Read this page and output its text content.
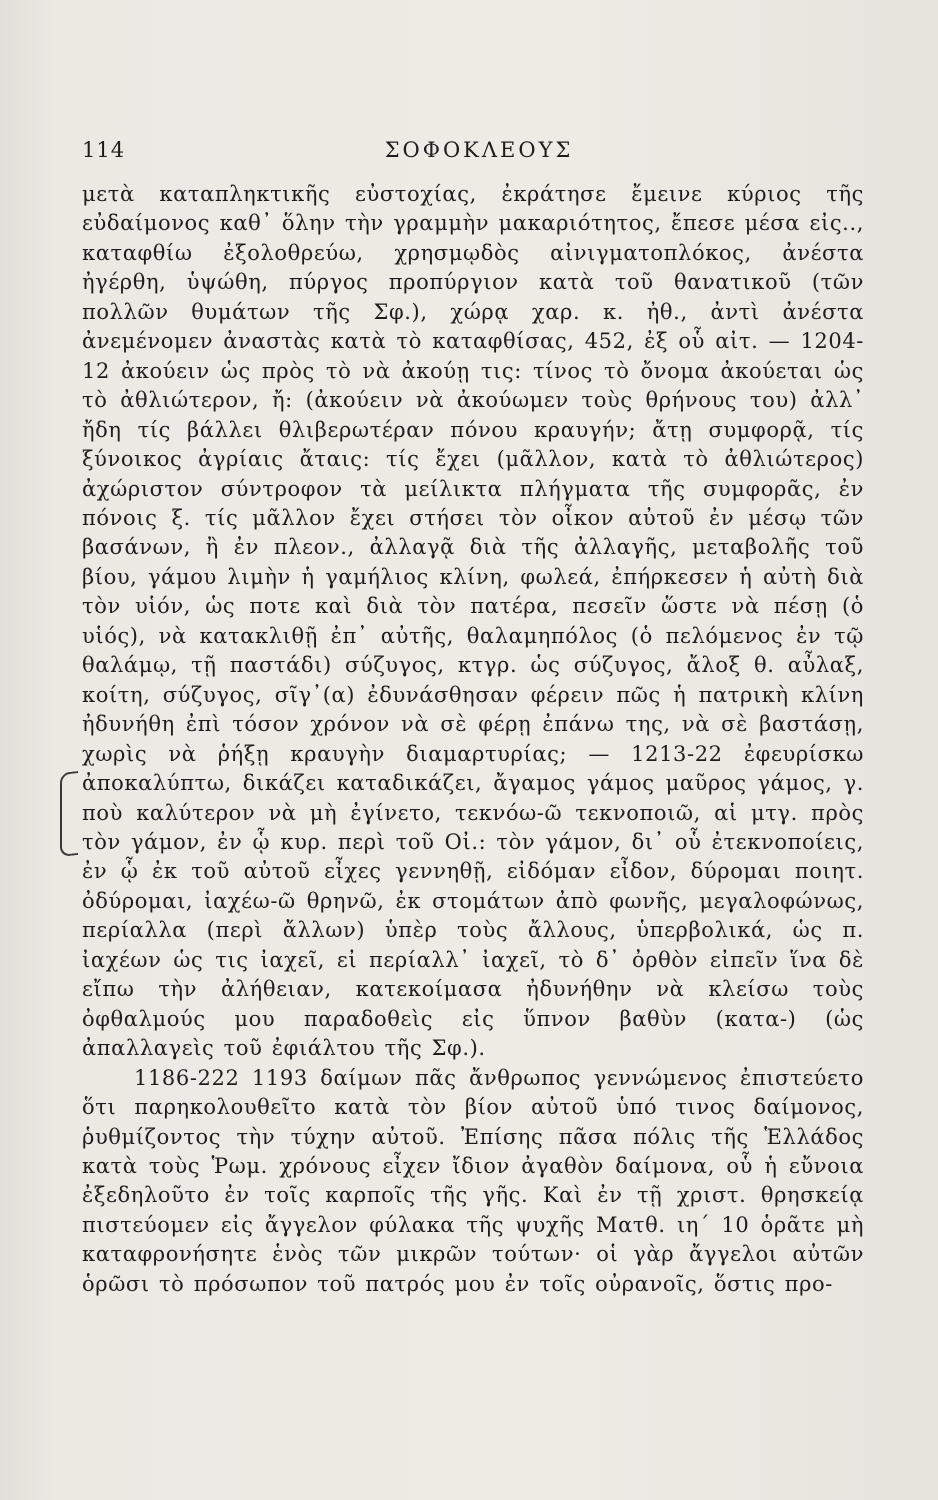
114	ΣΟΦΟΚΛΕΟΥΣ

μετὰ καταπληκτικῆς εὐστοχίας, ἐκράτησε ἔμεινε κύριος τῆς εὐδαίμονος καθ᾿ ὅλην τὴν γραμμὴν μακαριότητος, ἔπεσε μέσα εἰς.., καταφθίω ἐξολοθρεύω, χρησμῳδὸς αἰνιγματοπλόκος, ἀνέστα ἠγέρθη, ὑψώθη, πύργος προπύργιον κατὰ τοῦ θανατικοῦ (τῶν πολλῶν θυμάτων τῆς Σφ.), χώρᾳ χαρ. κ. ἠθ., ἀντὶ ἀνέστα ἀνεμένομεν ἀναστὰς κατὰ τὸ καταφθίσας, 452, ἐξ οὗ αἰτ. — 1204-12 ἀκούειν ὡς πρὸς τὸ νὰ ἀκούῃ τις: τίνος τὸ ὄνομα ἀκούεται ὡς τὸ ἀθλιώτερον, ἤ: (ἀκούειν νὰ ἀκούωμεν τοὺς θρήνους του) ἀλλ᾿ ἤδη τίς βάλλει θλιβερωτέραν πόνου κραυγήν; ἄτῃ συμφορᾷ, τίς ξύνοικος ἀγρίαις ἄταις: τίς ἔχει (μᾶλλον, κατὰ τὸ ἀθλιώτερος) ἀχώριστον σύντροφον τὰ μείλικτα πλήγματα τῆς συμφορᾶς, ἐν πόνοις ξ. τίς μᾶλλον ἔχει στήσει τὸν οἶκον αὐτοῦ ἐν μέσῳ τῶν βασάνων, ἢ ἐν πλεον., ἀλλαγᾷ διὰ τῆς ἀλλαγῆς, μεταβολῆς τοῦ βίου, γάμου λιμὴν ἡ γαμήλιος κλίνη, φωλεά, ἐπήρκεσεν ἡ αὐτὴ διὰ τὸν υἱόν, ὡς ποτε καὶ διὰ τὸν πατέρα, πεσεῖν ὥστε νὰ πέσῃ (ὁ υἱός), νὰ κατακλιθῇ ἐπ᾿ αὐτῆς, θαλαμηπόλος (ὁ πελόμενος ἐν τῷ θαλάμῳ, τῇ παστάδι) σύζυγος, κτγρ. ὡς σύζυγος, ἄλοξ θ. αὖλαξ, κοίτη, σύζυγος, σῖγ᾿(α) ἐδυνάσθησαν φέρειν πῶς ἡ πατρικὴ κλίνη ἠδυνήθη ἐπὶ τόσον χρόνον νὰ σὲ φέρῃ ἐπάνω της, νὰ σὲ βαστάσῃ, χωρὶς νὰ ῥήξῃ κραυγὴν διαμαρτυρίας; — 1213-22 ἐφευρίσκω ἀποκαλύπτω, δικάζει καταδικάζει, ἄγαμος γάμος μαῦρος γάμος, γ. ποὺ καλύτερον νὰ μὴ ἐγίνετο, τεκνόω-ῶ τεκνοποιῶ, αἱ μτγ. πρὸς τὸν γάμον, ἐν ᾧ κυρ. περὶ τοῦ Οἰ.: τὸν γάμον, δι᾿ οὗ ἐτεκνοποίεις, ἐν ᾧ ἐκ τοῦ αὐτοῦ εἶχες γεννηθῇ, εἰδόμαν εἶδον, δύρομαι ποιητ. ὀδύρομαι, ἰαχέω-ῶ θρηνῶ, ἐκ στομάτων ἀπὸ φωνῆς, μεγαλοφώνως, περίαλλα (περὶ ἄλλων) ὑπὲρ τοὺς ἄλλους, ὑπερβολικά, ὡς π. ἰαχέων ὡς τις ἰαχεῖ, εἰ περίαλλ᾿ ἰαχεῖ, τὸ δ᾿ ὀρθὸν εἰπεῖν ἵνα δὲ εἴπω τὴν ἀλήθειαν, κατεκοίμασα ἠδυνήθην νὰ κλείσω τοὺς ὀφθαλμούς μου παραδοθεὶς εἰς ὕπνον βαθὺν (κατα-) (ὡς ἀπαλλαγεὶς τοῦ ἐφιάλτου τῆς Σφ.).

1186-222 1193 δαίμων πᾶς ἄνθρωπος γεννώμενος ἐπιστεύετο ὅτι παρηκολουθεῖτο κατὰ τὸν βίον αὐτοῦ ὑπό τινος δαίμονος, ῥυθμίζοντος τὴν τύχην αὐτοῦ. Ἐπίσης πᾶσα πόλις τῆς Ἑλλάδος κατὰ τοὺς Ῥωμ. χρόνους εἶχεν ἴδιον ἀγαθὸν δαίμονα, οὗ ἡ εὔνοια ἐξεδηλοῦτο ἐν τοῖς καρποῖς τῆς γῆς. Καὶ ἐν τῇ χριστ. θρησκείᾳ πιστεύομεν εἰς ἄγγελον φύλακα τῆς ψυχῆς Ματθ. ιη´ 10 ὁρᾶτε μὴ καταφρονήσητε ἑνὸς τῶν μικρῶν τούτων· οἱ γὰρ ἄγγελοι αὐτῶν ὁρῶσι τὸ πρόσωπον τοῦ πατρός μου ἐν τοῖς οὐρανοῖς, ὅστις προ-
